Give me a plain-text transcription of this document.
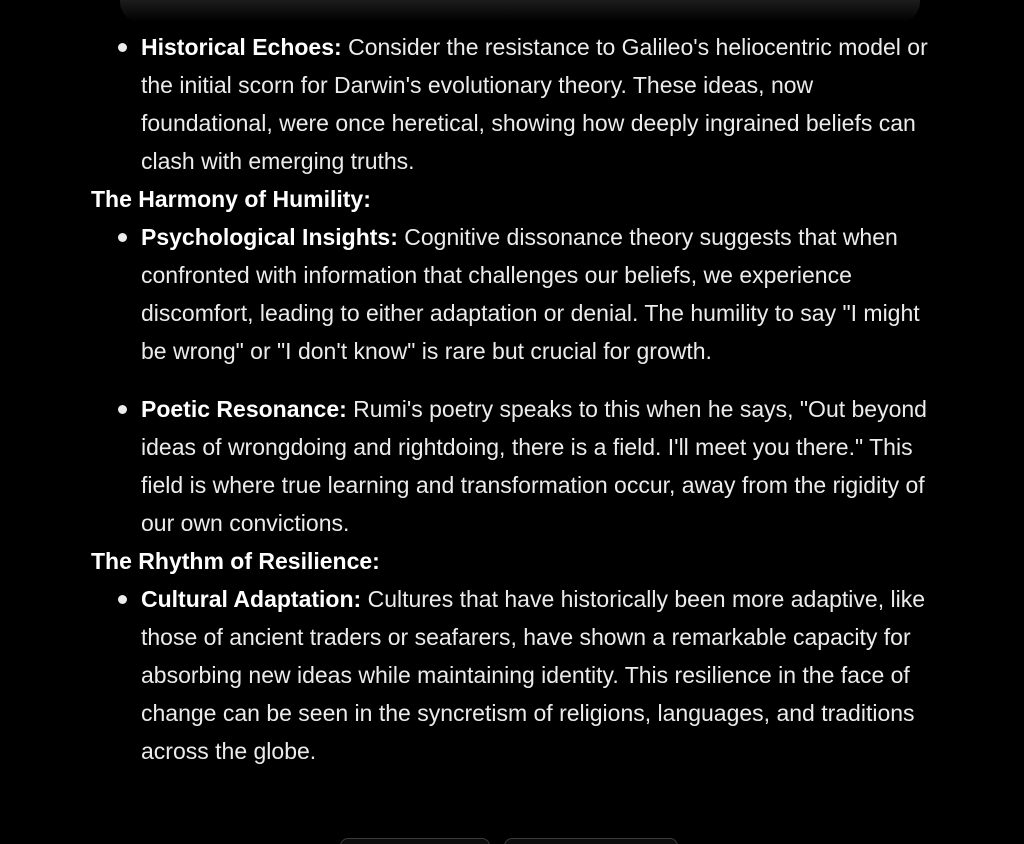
Historical Echoes: Consider the resistance to Galileo's heliocentric model or the initial scorn for Darwin's evolutionary theory. These ideas, now foundational, were once heretical, showing how deeply ingrained beliefs can clash with emerging truths.

The Harmony of Humility:

Psychological Insights: Cognitive dissonance theory suggests that when confronted with information that challenges our beliefs, we experience discomfort, leading to either adaptation or denial. The humility to say "I might be wrong" or "I don't know" is rare but crucial for growth.
Poetic Resonance: Rumi's poetry speaks to this when he says, "Out beyond ideas of wrongdoing and rightdoing, there is a field. I'll meet you there." This field is where true learning and transformation occur, away from the rigidity of our own convictions.

The Rhythm of Resilience:

Cultural Adaptation: Cultures that have historically been more adaptive, like those of ancient traders or seafarers, have shown a remarkable capacity for absorbing new ideas while maintaining identity. This resilience in the face of change can be seen in the syncretism of religions, languages, and traditions across the globe.
